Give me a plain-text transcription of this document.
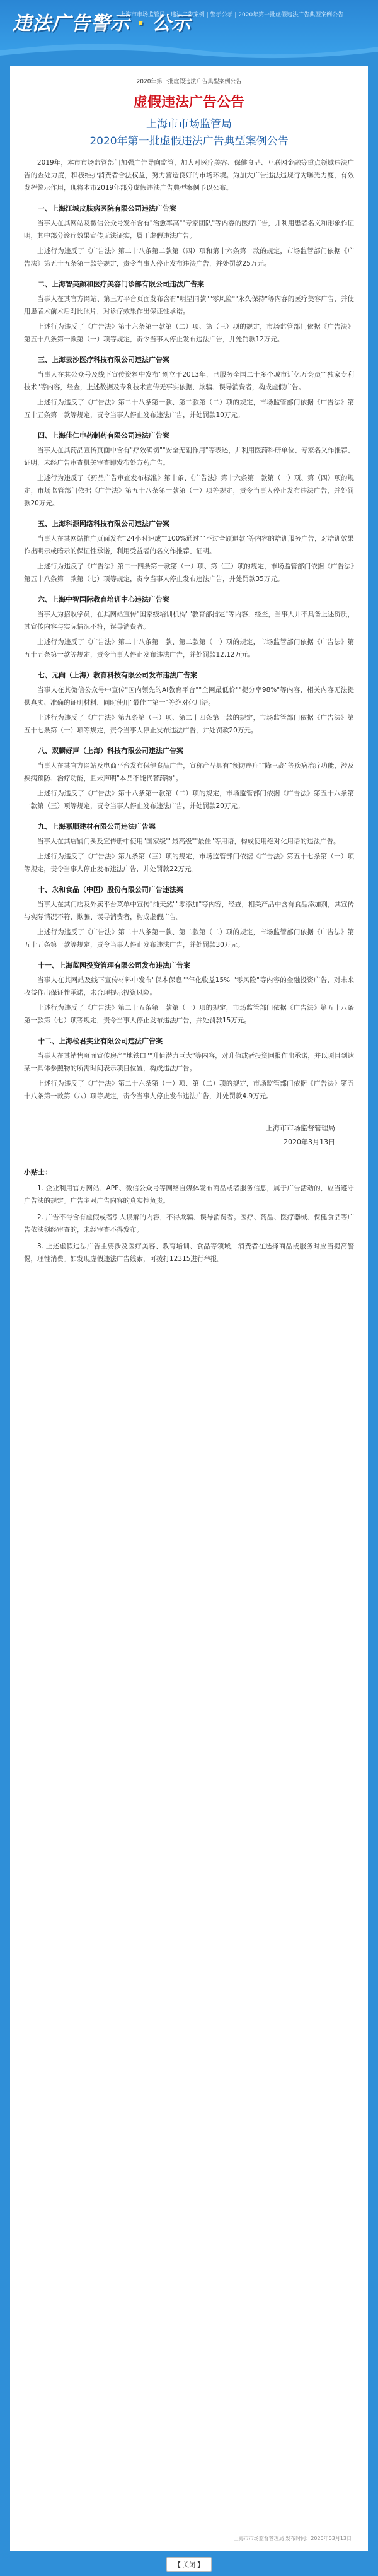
违法广告警示 · 公示
上海市市场监管局 | 违法广告案例 | 警示公示 | 2020年第一批虚假违法广告典型案例公告
2020年第一批虚假违法广告典型案例公告
虚假违法广告公告
上海市市场监管局
2020年第一批虚假违法广告典型案例公告

2019年，本市市场监管部门加强广告导向监管，加大对医疗美容、保健食品、互联网金融等重点领域违法广告的查处力度，积极维护消费者合法权益，努力营造良好的市场环境。为加大广告违法违规行为曝光力度，有效发挥警示作用，现将本市2019年部分虚假违法广告典型案例予以公布。

一、上海江城皮肤病医院有限公司违法广告案

当事人在其网站及微信公众号发布含有"治愈率高""专家团队"等内容的医疗广告，并利用患者名义和形象作证明，其中部分诊疗效果宣传无法证实，属于虚假违法广告。

上述行为违反了《广告法》第二十八条第二款第（四）项和第十六条第一款的规定，市场监管部门依据《广告法》第五十五条第一款等规定，责令当事人停止发布违法广告，并处罚款25万元。

二、上海智美颜和医疗美容门诊部有限公司违法广告案

当事人在其官方网站、第三方平台页面发布含有"明星同款""零风险""永久保持"等内容的医疗美容广告，并使用患者术前术后对比照片，对诊疗效果作出保证性承诺。

上述行为违反了《广告法》第十六条第一款第（二）项、第（三）项的规定，市场监管部门依据《广告法》第五十八条第一款第（一）项等规定，责令当事人停止发布违法广告，并处罚款12万元。

三、上海云沙医疗科技有限公司违法广告案

当事人在其公众号及线下宣传资料中发布"创立于2013年，已服务全国二十多个城市近亿万会员""独家专利技术"等内容，经查，上述数据及专利技术宣传无事实依据，欺骗、误导消费者，构成虚假广告。

上述行为违反了《广告法》第二十八条第一款、第二款第（二）项的规定，市场监管部门依据《广告法》第五十五条第一款等规定，责令当事人停止发布违法广告，并处罚款10万元。

四、上海佳仁申药制药有限公司违法广告案

当事人在其药品宣传页面中含有"疗效确切""安全无副作用"等表述，并利用医药科研单位、专家名义作推荐、证明，未经广告审查机关审查即发布处方药广告。

上述行为违反了《药品广告审查发布标准》第十条、《广告法》第十六条第一款第（一）项、第（四）项的规定，市场监管部门依据《广告法》第五十八条第一款第（一）项等规定，责令当事人停止发布违法广告，并处罚款20万元。

五、上海科源网络科技有限公司违法广告案

当事人在其网站推广页面发布"24小时速成""100%通过""不过全额退款"等内容的培训服务广告，对培训效果作出明示或暗示的保证性承诺，利用受益者的名义作推荐、证明。

上述行为违反了《广告法》第二十四条第一款第（一）项、第（三）项的规定，市场监管部门依据《广告法》第五十八条第一款第（七）项等规定，责令当事人停止发布违法广告，并处罚款35万元。

六、上海中智国际教育培训中心违法广告案

当事人为招收学员，在其网站宣传"国家级培训机构""教育部指定"等内容，经查，当事人并不具备上述资质，其宣传内容与实际情况不符，误导消费者。

上述行为违反了《广告法》第二十八条第一款、第二款第（一）项的规定，市场监管部门依据《广告法》第五十五条第一款等规定，责令当事人停止发布违法广告，并处罚款12.12万元。

七、元向（上海）教育科技有限公司发布违法广告案

当事人在其微信公众号中宣传"国内领先的AI教育平台""全网最低价""提分率98%"等内容，相关内容无法提供真实、准确的证明材料，同时使用"最佳""第一"等绝对化用语。

上述行为违反了《广告法》第九条第（三）项、第二十四条第一款的规定，市场监管部门依据《广告法》第五十七条第（一）项等规定，责令当事人停止发布违法广告，并处罚款20万元。

八、双麟好声（上海）科技有限公司违法广告案

当事人在其官方网站及电商平台发布保健食品广告，宣称产品具有"预防癌症""降三高"等疾病治疗功能，涉及疾病预防、治疗功能，且未声明"本品不能代替药物"。

上述行为违反了《广告法》第十八条第一款第（二）项的规定，市场监管部门依据《广告法》第五十八条第一款第（三）项等规定，责令当事人停止发布违法广告，并处罚款20万元。

九、上海嘉顺建材有限公司违法广告案

当事人在其店铺门头及宣传册中使用"国家级""最高级""最佳"等用语，构成使用绝对化用语的违法广告。

上述行为违反了《广告法》第九条第（三）项的规定，市场监管部门依据《广告法》第五十七条第（一）项等规定，责令当事人停止发布违法广告，并处罚款22万元。

十、永和食品（中国）股份有限公司广告违法案

当事人在其门店及外卖平台菜单中宣传"纯天然""零添加"等内容，经查，相关产品中含有食品添加剂，其宣传与实际情况不符，欺骗、误导消费者，构成虚假广告。

上述行为违反了《广告法》第二十八条第一款、第二款第（二）项的规定，市场监管部门依据《广告法》第五十五条第一款等规定，责令当事人停止发布违法广告，并处罚款30万元。

十一、上海蓝园投资管理有限公司发布违法广告案

当事人在其网站及线下宣传材料中发布"保本保息""年化收益15%""零风险"等内容的金融投资广告，对未来收益作出保证性承诺，未合理提示投资风险。

上述行为违反了《广告法》第二十五条第一款第（一）项的规定，市场监管部门依据《广告法》第五十八条第一款第（七）项等规定，责令当事人停止发布违法广告，并处罚款15万元。

十二、上海松君实业有限公司违法广告案

当事人在其销售页面宣传房产"地铁口""升值潜力巨大"等内容，对升值或者投资回报作出承诺，并以项目到达某一具体参照物的所需时间表示项目位置，构成违法广告。

上述行为违反了《广告法》第二十六条第（一）项、第（二）项的规定，市场监管部门依据《广告法》第五十八条第一款第（八）项等规定，责令当事人停止发布违法广告，并处罚款4.9万元。

上海市市场监督管理局
2020年3月13日
小贴士：

1. 企业利用官方网站、APP、微信公众号等网络自媒体发布商品或者服务信息，属于广告活动的，应当遵守广告法的规定。广告主对广告内容的真实性负责。

2. 广告不得含有虚假或者引人误解的内容，不得欺骗、误导消费者。医疗、药品、医疗器械、保健食品等广告依法须经审查的，未经审查不得发布。

3. 上述虚假违法广告主要涉及医疗美容、教育培训、食品等领域，消费者在选择商品或服务时应当提高警惕，理性消费。如发现虚假违法广告线索，可拨打12315进行举报。

上海市市场监督管理局 发布时间：2020年03月13日
【 关闭 】
